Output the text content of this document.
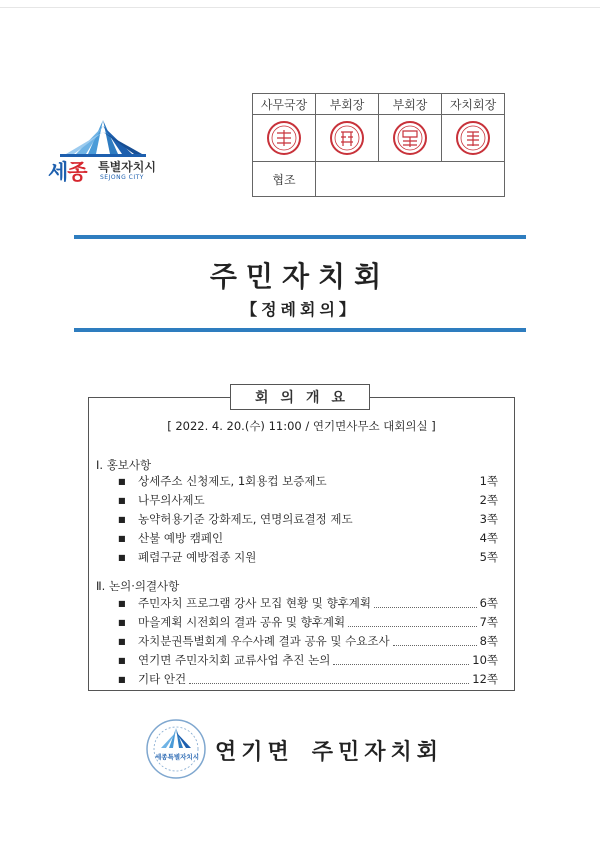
세종 특별자치시
SEJONG CITY
사무국장	부회장	부회장	자치회장

협조			
주민자치회
【정례회의】
회의개요
[ 2022. 4. 20.(수) 11:00 / 연기면사무소 대회의실 ]
Ⅰ. 홍보사항
■	상세주소 신청제도, 1회용컵 보증제도	1쪽
■	나무의사제도	2쪽
■	농약허용기준 강화제도, 연명의료결정 제도	3쪽
■	산불 예방 캠페인	4쪽
■	폐렴구균 예방접종 지원	5쪽
Ⅱ. 논의·의결사항
■	주민자치 프로그램 강사 모집 현황 및 향후계획	6쪽
■	마을계획 시전회의 결과 공유 및 향후계획	7쪽
■	자치분권특별회계 우수사례 결과 공유 및 수요조사	8쪽
■	연기면 주민자치회 교류사업 추진 논의	10쪽
■	기타 안건	12쪽
세종특별자치시 연기면 주민자치회
